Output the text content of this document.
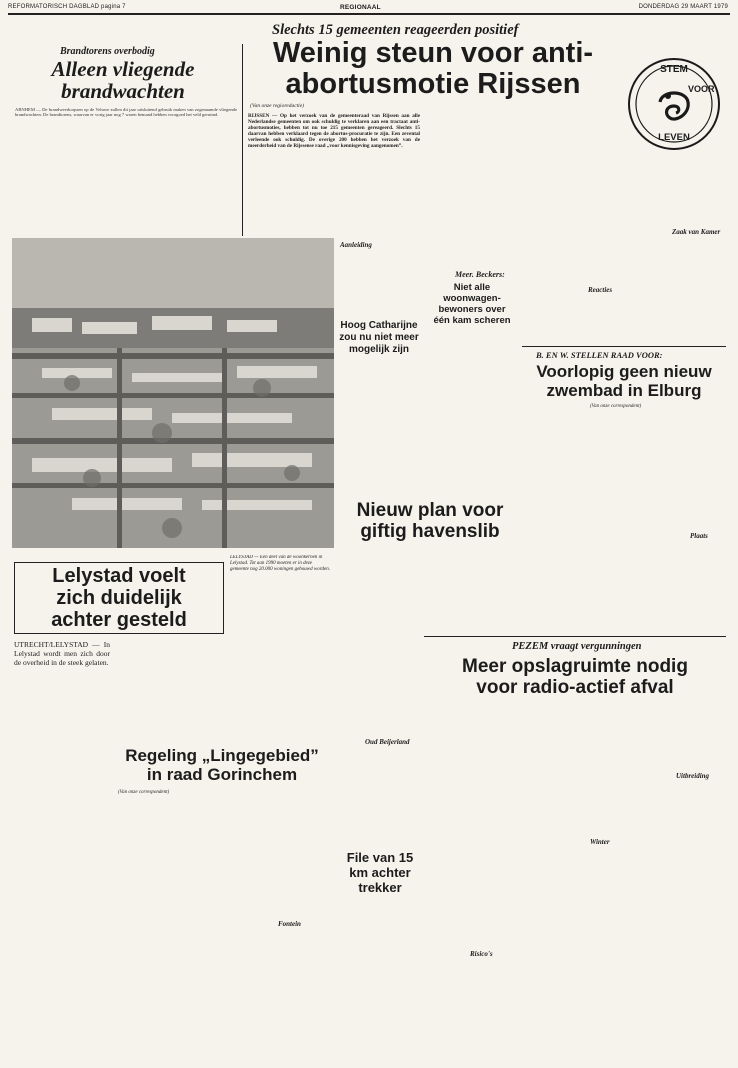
REFORMATORISCH DAGBLAD pagina 7	REGIONAAL	DONDERDAG 29 MAART 1979
Brandtorens overbodig
Alleen vliegende
brandwachten
ARNHEM — De brandweerkorpsen op de Veluwe zullen dit jaar uitsluitend gebruik maken van zogenaamde vliegende brandwachten. De brandtorens, waarvan er vorig jaar nog 7 waren bemand hebben voorgoed het veld geruimd.
Slechts 15 gemeenten reageerden positief
Weinig steun voor anti-
abortusmotie Rijssen
(Van onze regioredactie)
RIJSSEN — Op het verzoek van de gemeenteraad van Rijssen aan alle Nederlandse gemeenten om ook schuldig te verklaren aan een tractaat anti-abortusmoties, hebben tot nu toe 215 gemeenten gereageerd. Slechts 15 daarvan hebben verklaard tegen de abortus-procuratie te zijn. Een zevental verleende ook schuldig. De overige 200 hebben het verzoek van de meerderheid van de Rijssense raad „voor kennisgeving aangenomen”.
Aanleiding
STEM
VOOR
LEVEN
Zaak van Kamer
Hoog Catharijne
zou nu niet meer
mogelijk zijn
Meer. Beckers:
Niet alle woonwagen-
bewoners over
één kam scheren
Reacties
B. EN W. STELLEN RAAD VOOR:
Voorlopig geen nieuw
zwembad in Elburg
(Van onze correspondent)
Plaats
Nieuw plan voor
giftig havenslib
Oud Beijerland
Lelystad voelt
zich duidelijk
achter gesteld
LELYSTAD — Een deel van de woonkernen in Lelystad. Tot aan 1990 moeten er in deze gemeente nog 20.000 woningen gebouwd worden.
UTRECHT/LELYSTAD — In Lelystad wordt men zich door de overheid in de steek gelaten.
Regeling „Lingegebied”
in raad Gorinchem
(Van onze correspondent)
Fontein
File van 15
km achter
trekker
Risico's
PEZEM vraagt vergunningen
Meer opslagruimte nodig
voor radio-actief afval
Uitbreiding
Winter
